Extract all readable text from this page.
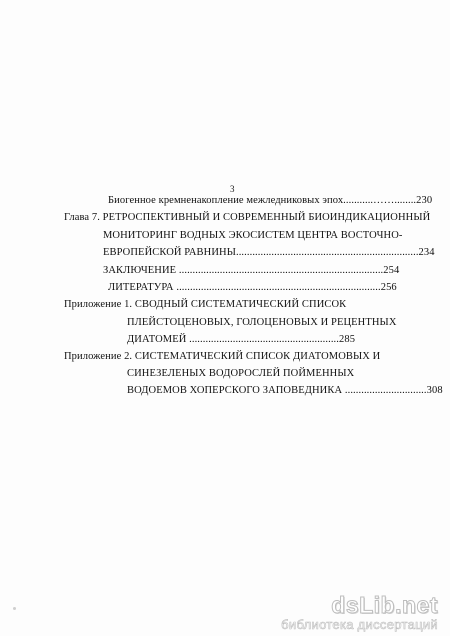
3
Биогенное кремненакопление межледниковых эпох...........……........230
Глава 7. РЕТРОСПЕКТИВНЫЙ И СОВРЕМЕННЫЙ БИОИНДИКАЦИОННЫЙ
МОНИТОРИНГ ВОДНЫХ ЭКОСИСТЕМ ЦЕНТРА ВОСТОЧНО-
ЕВРОПЕЙСКОЙ РАВНИНЫ...................................................................234
ЗАКЛЮЧЕНИЕ ...........................................................................254
ЛИТЕРАТУРА ...........................................................................256
Приложение 1. СВОДНЫЙ СИСТЕМАТИЧЕСКИЙ СПИСОК
ПЛЕЙСТОЦЕНОВЫХ, ГОЛОЦЕНОВЫХ И РЕЦЕНТНЫХ
ДИАТОМЕЙ .......................................................285
Приложение 2. СИСТЕМАТИЧЕСКИЙ СПИСОК ДИАТОМОВЫХ И
СИНЕЗЕЛЕНЫХ ВОДОРОСЛЕЙ ПОЙМЕННЫХ
ВОДОЕМОВ ХОПЕРСКОГО ЗАПОВЕДНИКА ..............................308
dsLib.net
библиотека диссертаций
